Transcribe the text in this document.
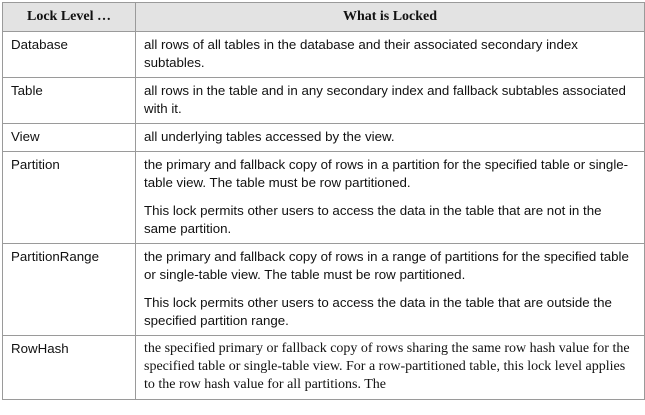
Lock Level …	What is Locked
Database	all rows of all tables in the database and their associated secondary index subtables.

Table	all rows in the table and in any secondary index and fallback subtables associated with it.

View	all underlying tables accessed by the view.

Partition	the primary and fallback copy of rows in a partition for the specified table or single-table view. The table must be row partitioned.

This lock permits other users to access the data in the table that are not in the same partition.

PartitionRange	the primary and fallback copy of rows in a range of partitions for the specified table or single-table view. The table must be row partitioned.

This lock permits other users to access the data in the table that are outside the specified partition range.

RowHash	the specified primary or fallback copy of rows sharing the same row hash value for the specified table or single-table view. For a row-partitioned table, this lock level applies to the row hash value for all partitions. The
